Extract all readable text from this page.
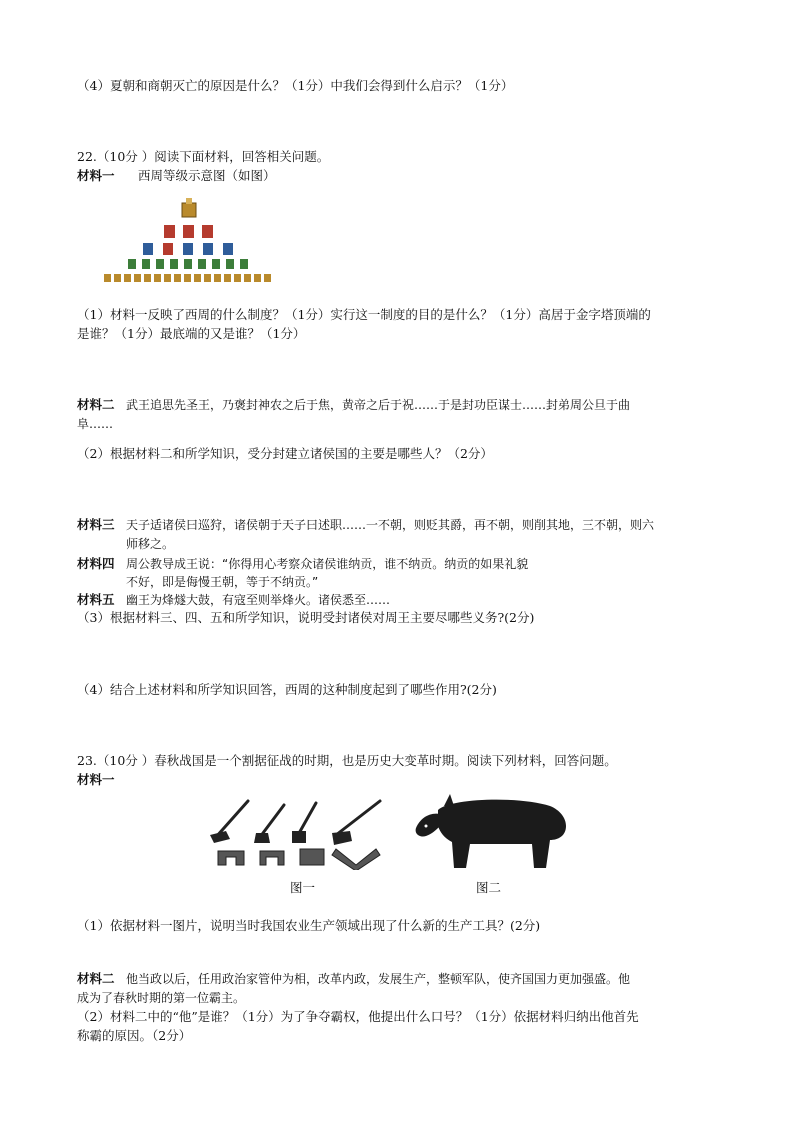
（4）夏朝和商朝灭亡的原因是什么？（1分）中我们会得到什么启示？（1分）
22.（10分 ）阅读下面材料，回答相关问题。
材料一 西周等级示意图（如图）
（1）材料一反映了西周的什么制度？（1分）实行这一制度的目的是什么？（1分）高居于金字塔顶端的
是谁？（1分）最底端的又是谁？（1分）
材料二 武王追思先圣王，乃褒封神农之后于焦，黄帝之后于祝……于是封功臣谋士……封弟周公旦于曲
阜……
（2）根据材料二和所学知识，受分封建立诸侯国的主要是哪些人？（2分）
材料三 天子适诸侯曰巡狩，诸侯朝于天子曰述职……一不朝，则贬其爵，再不朝，则削其地，三不朝，则六
师移之。
材料四 周公教导成王说：“你得用心考察众诸侯谁纳贡，谁不纳贡。纳贡的如果礼貌
不好，即是侮慢王朝，等于不纳贡。”
材料五 幽王为烽燧大鼓，有寇至则举烽火。诸侯悉至……
（3）根据材料三、四、五和所学知识，说明受封诸侯对周王主要尽哪些义务?(2分)
（4）结合上述材料和所学知识回答，西周的这种制度起到了哪些作用?(2分)
23.（10分 ）春秋战国是一个割据征战的时期，也是历史大变革时期。阅读下列材料，回答问题。
材料一
图一	图二
（1）依据材料一图片，说明当时我国农业生产领域出现了什么新的生产工具？(2分)
材料二 他当政以后，任用政治家管仲为相，改革内政，发展生产，整顿军队，使齐国国力更加强盛。他
成为了春秋时期的第一位霸主。
（2）材料二中的“他”是谁？（1分）为了争夺霸权，他提出什么口号？（1分）依据材料归纳出他首先
称霸的原因。（2分）
